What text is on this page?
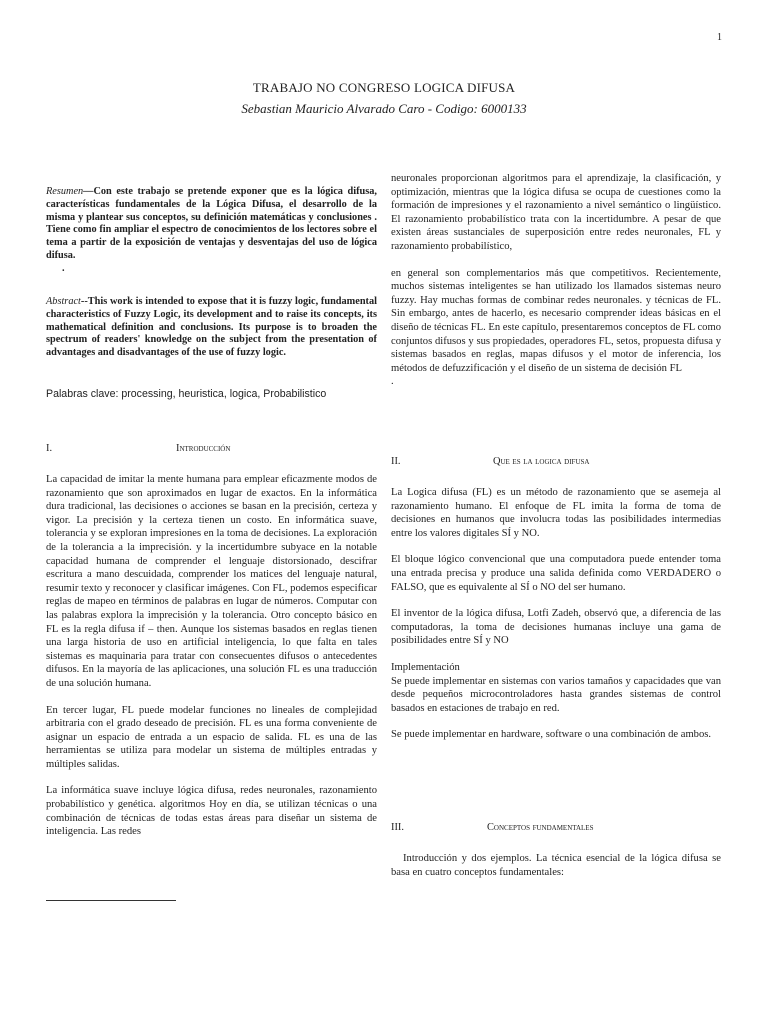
1
TRABAJO NO CONGRESO LOGICA DIFUSA
Sebastian Mauricio Alvarado Caro - Codigo: 6000133
Resumen—Con este trabajo se pretende exponer que es la lógica difusa, características fundamentales de la Lógica Difusa, el desarrollo de la misma y plantear sus conceptos, su definición matemáticas y conclusiones . Tiene como fin ampliar el espectro de conocimientos de los lectores sobre el tema a partir de la exposición de ventajas y desventajas del uso de lógica difusa.
.
Abstract--This work is intended to expose that it is fuzzy logic, fundamental characteristics of Fuzzy Logic, its development and to raise its concepts, its mathematical definition and conclusions. Its purpose is to broaden the spectrum of readers' knowledge on the subject from the presentation of advantages and disadvantages of the use of fuzzy logic.
Palabras clave: processing, heuristica, logica, Probabilistico
I.	Introducción

La capacidad de imitar la mente humana para emplear eficazmente modos de razonamiento que son aproximados en lugar de exactos. En la informática dura tradicional, las decisiones o acciones se basan en la precisión, certeza y vigor. La precisión y la certeza tienen un costo. En informática suave, tolerancia y se exploran impresiones en la toma de decisiones. La exploración de la tolerancia a la imprecisión. y la incertidumbre subyace en la notable capacidad humana de comprender el lenguaje distorsionado, descifrar escritura a mano descuidada, comprender los matices del lenguaje natural, resumir texto y reconocer y clasificar imágenes. Con FL, podemos especificar reglas de mapeo en términos de palabras en lugar de números. Computar con las palabras explora la imprecisión y la tolerancia. Otro concepto básico en FL es la regla difusa if – then. Aunque los sistemas basados en reglas tienen una larga historia de uso en artificial inteligencia, lo que falta en tales sistemas es maquinaria para tratar con consecuentes difusos o antecedentes difusos. En la mayoría de las aplicaciones, una solución FL es una traducción de una solución humana.

En tercer lugar, FL puede modelar funciones no lineales de complejidad arbitraria con el grado deseado de precisión. FL es una forma conveniente de asignar un espacio de entrada a un espacio de salida. FL es una de las herramientas se utiliza para modelar un sistema de múltiples entradas y múltiples salidas.

La informática suave incluye lógica difusa, redes neuronales, razonamiento probabilístico y genética. algoritmos Hoy en día, se utilizan técnicas o una combinación de técnicas de todas estas áreas para diseñar un sistema de inteligencia. Las redes

neuronales proporcionan algoritmos para el aprendizaje, la clasificación, y optimización, mientras que la lógica difusa se ocupa de cuestiones como la formación de impresiones y el razonamiento a nivel semántico o lingüístico. El razonamiento probabilístico trata con la incertidumbre. A pesar de que existen áreas sustanciales de superposición entre redes neuronales, FL y razonamiento probabilístico,

en general son complementarios más que competitivos. Recientemente, muchos sistemas inteligentes se han utilizado los llamados sistemas neuro fuzzy. Hay muchas formas de combinar redes neuronales. y técnicas de FL. Sin embargo, antes de hacerlo, es necesario comprender ideas básicas en el diseño de técnicas FL. En este capítulo, presentaremos conceptos de FL como conjuntos difusos y sus propiedades, operadores FL, setos, propuesta difusa y sistemas basados en reglas, mapas difusos y el motor de inferencia, los métodos de defuzzificación y el diseño de un sistema de decisión FL

.

II.	Que es la logica difusa

La Logica difusa (FL) es un método de razonamiento que se asemeja al razonamiento humano. El enfoque de FL imita la forma de toma de decisiones en humanos que involucra todas las posibilidades intermedias entre los valores digitales SÍ y NO.

El bloque lógico convencional que una computadora puede entender toma una entrada precisa y produce una salida definida como VERDADERO o FALSO, que es equivalente al SÍ o NO del ser humano.

El inventor de la lógica difusa, Lotfi Zadeh, observó que, a diferencia de las computadoras, la toma de decisiones humanas incluye una gama de posibilidades entre SÍ y NO

Implementación

Se puede implementar en sistemas con varios tamaños y capacidades que van desde pequeños microcontroladores hasta grandes sistemas de control basados en estaciones de trabajo en red.

Se puede implementar en hardware, software o una combinación de ambos.

III.	Conceptos fundamentales

Introducción y dos ejemplos. La técnica esencial de la lógica difusa se basa en cuatro conceptos fundamentales:
